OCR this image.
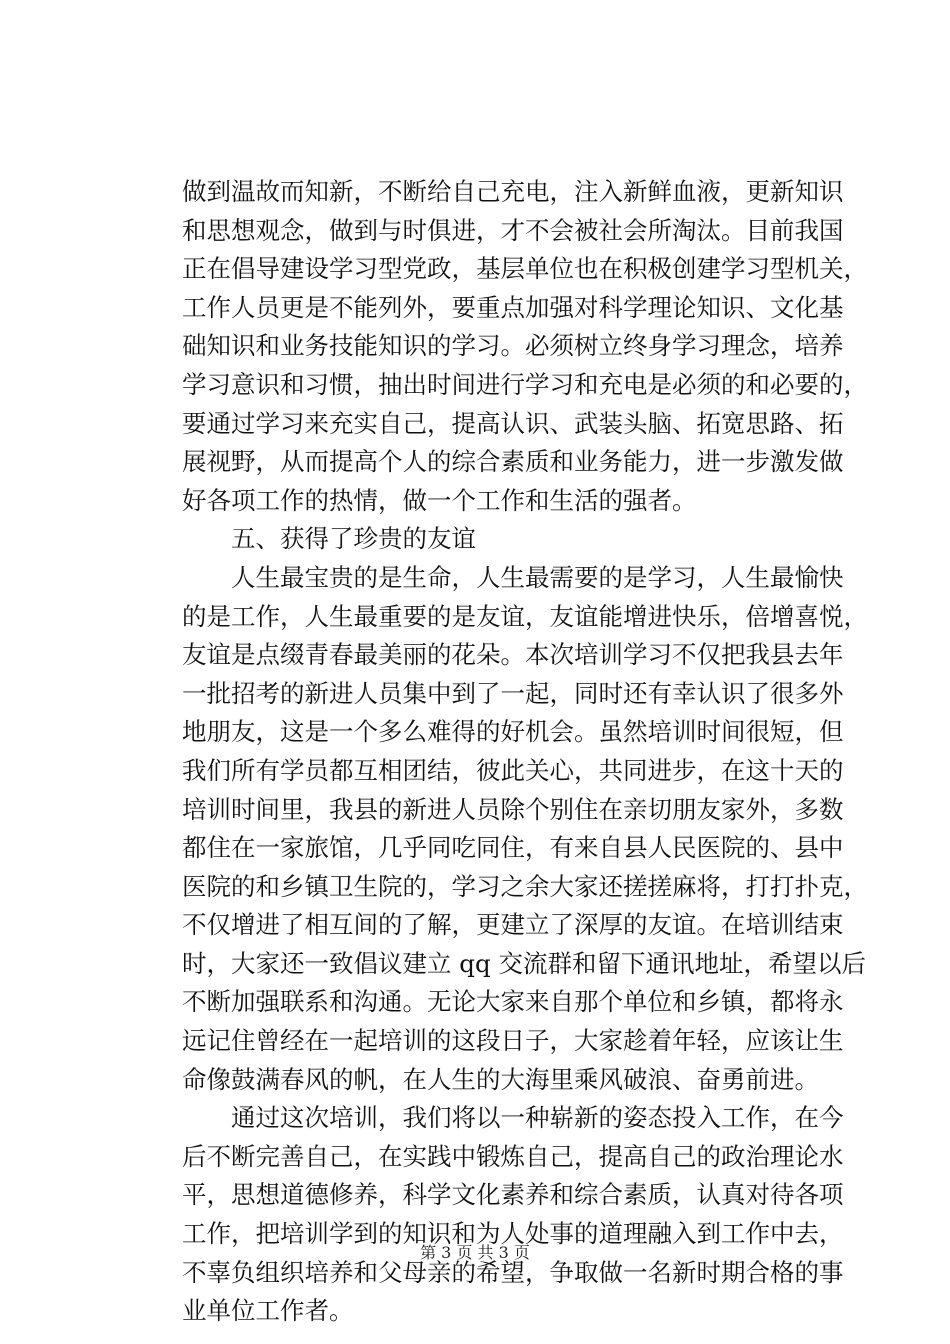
做到温故而知新，不断给自己充电，注入新鲜血液，更新知识
和思想观念，做到与时俱进，才不会被社会所淘汰。目前我国
正在倡导建设学习型党政，基层单位也在积极创建学习型机关，
工作人员更是不能列外，要重点加强对科学理论知识、文化基
础知识和业务技能知识的学习。必须树立终身学习理念，培养
学习意识和习惯，抽出时间进行学习和充电是必须的和必要的，
要通过学习来充实自己，提高认识、武装头脑、拓宽思路、拓
展视野，从而提高个人的综合素质和业务能力，进一步激发做
好各项工作的热情，做一个工作和生活的强者。
　　五、获得了珍贵的友谊
　　人生最宝贵的是生命，人生最需要的是学习，人生最愉快
的是工作，人生最重要的是友谊，友谊能增进快乐，倍增喜悦，
友谊是点缀青春最美丽的花朵。本次培训学习不仅把我县去年
一批招考的新进人员集中到了一起，同时还有幸认识了很多外
地朋友，这是一个多么难得的好机会。虽然培训时间很短，但
我们所有学员都互相团结，彼此关心，共同进步，在这十天的
培训时间里，我县的新进人员除个别住在亲切朋友家外，多数
都住在一家旅馆，几乎同吃同住，有来自县人民医院的、县中
医院的和乡镇卫生院的，学习之余大家还搓搓麻将，打打扑克，
不仅增进了相互间的了解，更建立了深厚的友谊。在培训结束
时，大家还一致倡议建立 qq 交流群和留下通讯地址，希望以后
不断加强联系和沟通。无论大家来自那个单位和乡镇，都将永
远记住曾经在一起培训的这段日子，大家趁着年轻，应该让生
命像鼓满春风的帆，在人生的大海里乘风破浪、奋勇前进。
　　通过这次培训，我们将以一种崭新的姿态投入工作，在今
后不断完善自己，在实践中锻炼自己，提高自己的政治理论水
平，思想道德修养，科学文化素养和综合素质，认真对待各项
工作，把培训学到的知识和为人处事的道理融入到工作中去，
不辜负组织培养和父母亲的希望，争取做一名新时期合格的事
业单位工作者。
第 3 页 共 3 页
